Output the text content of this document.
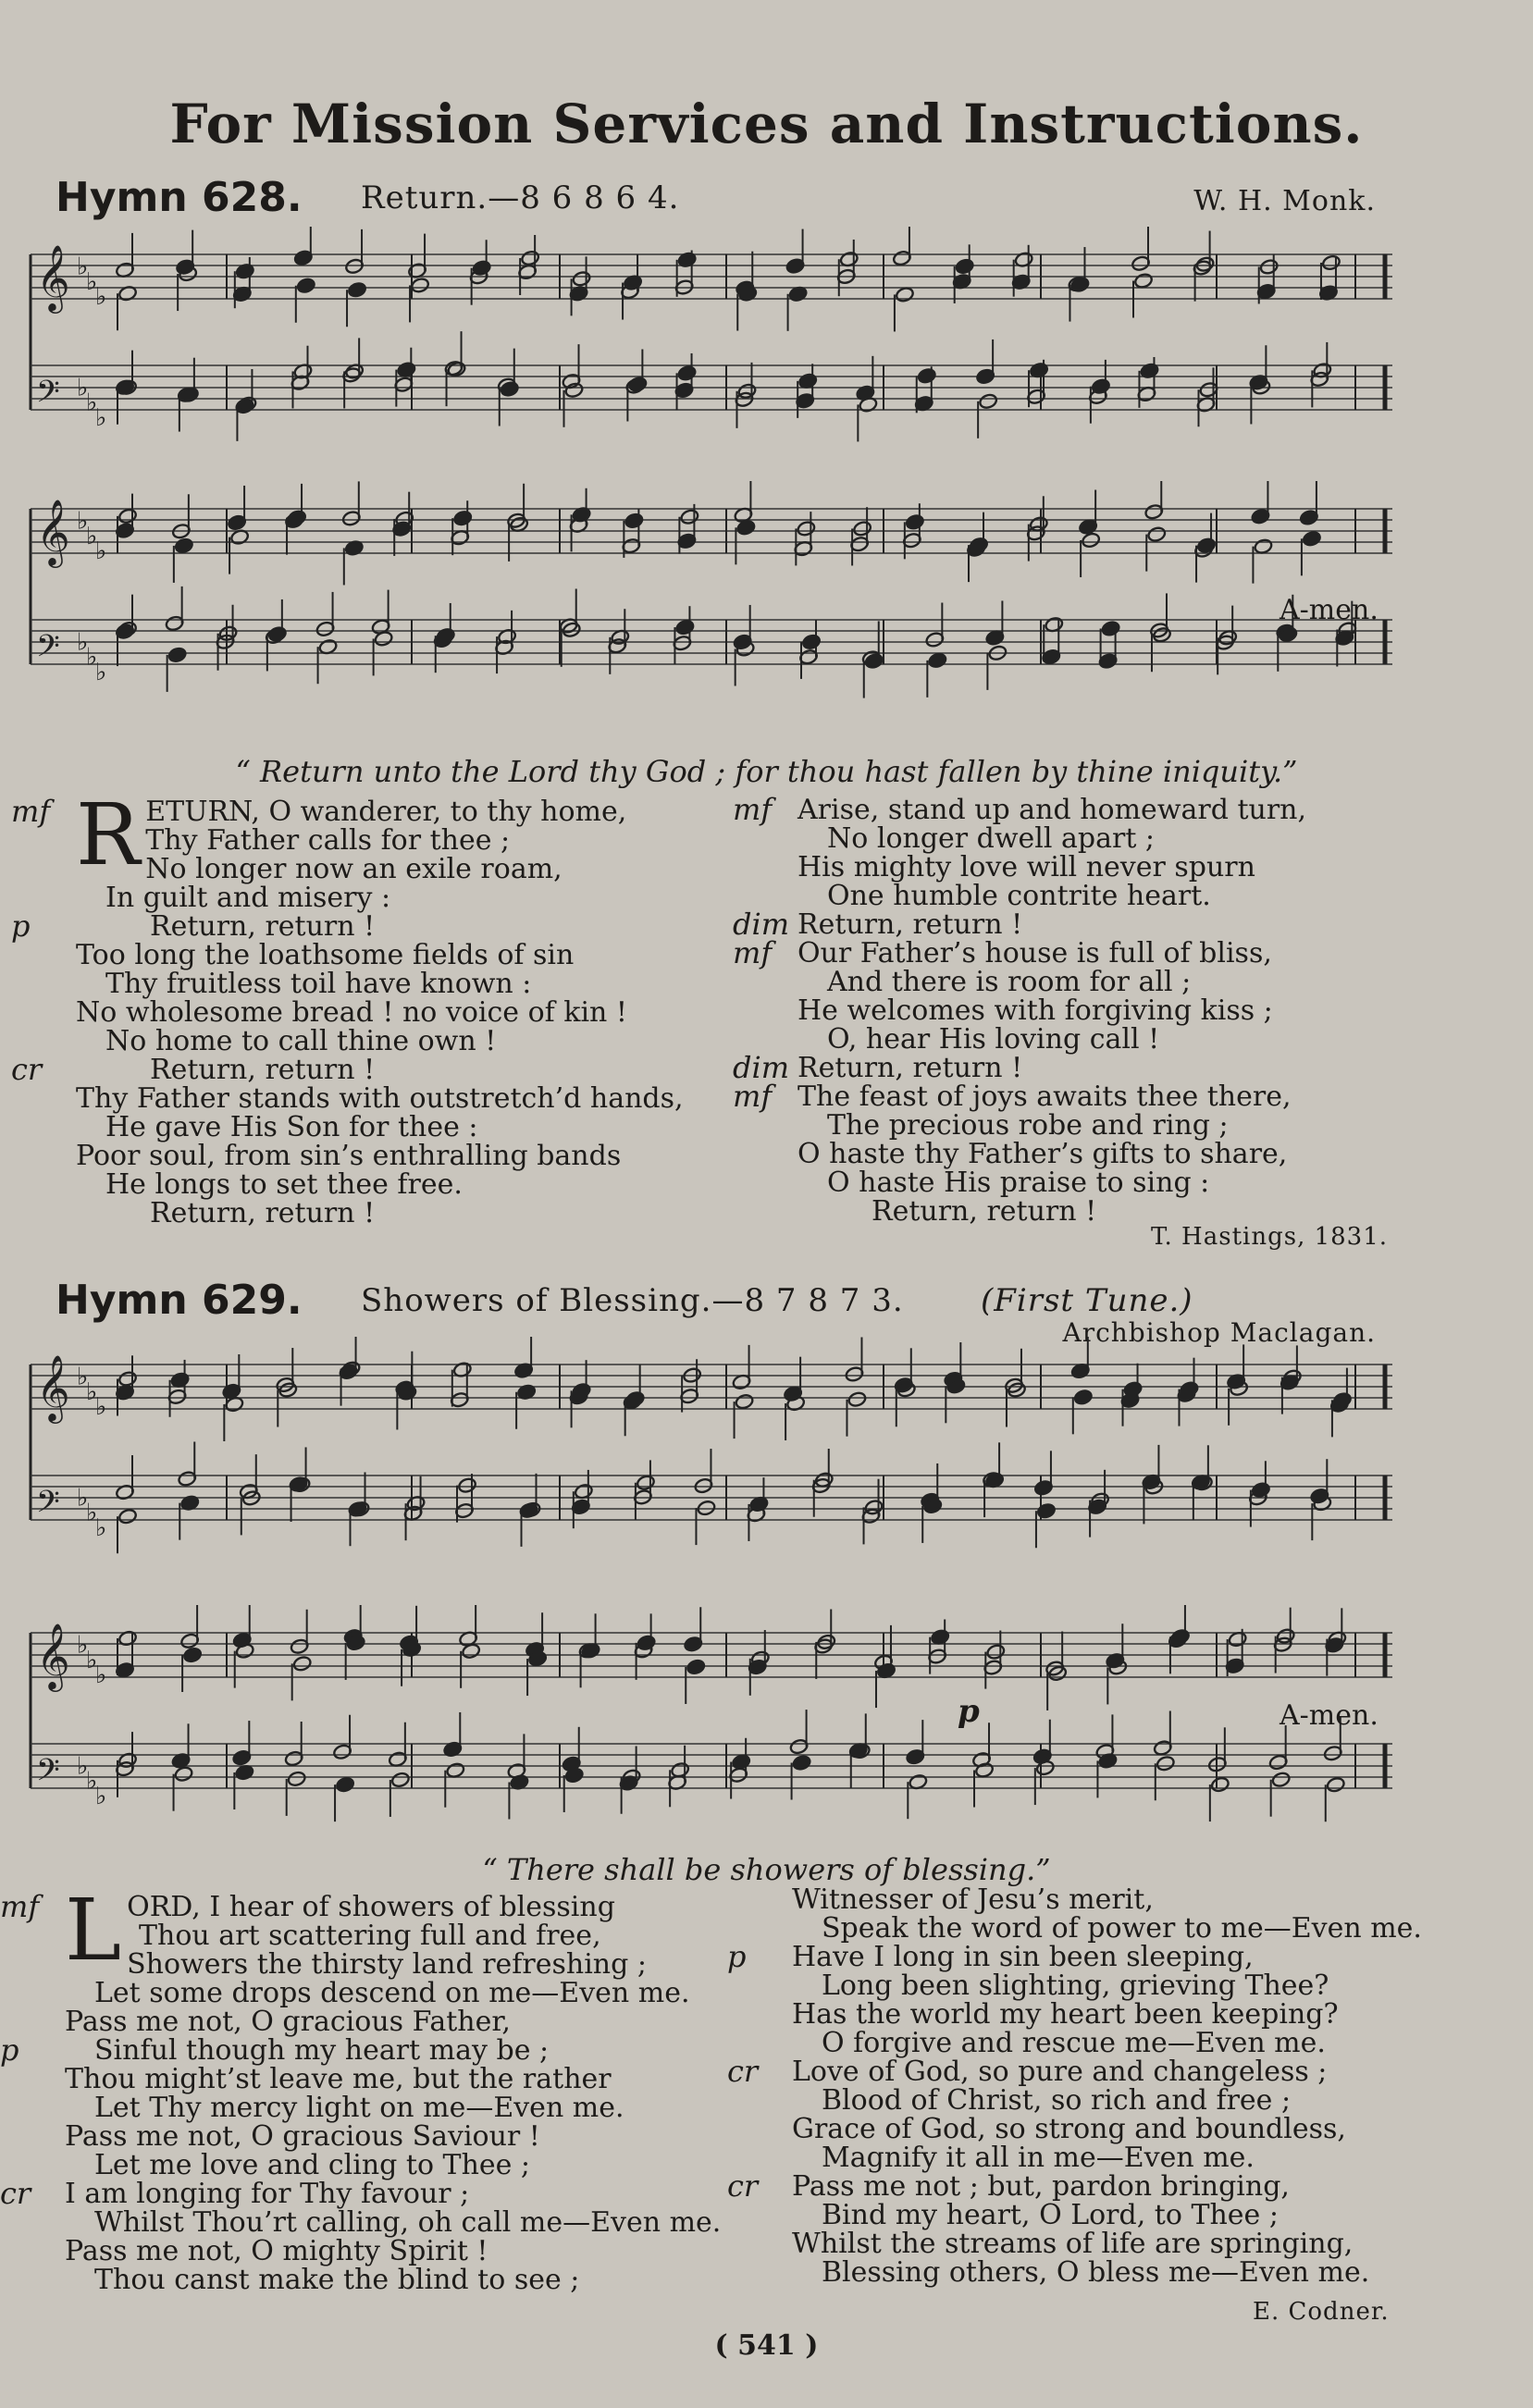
For Mission Services and Instructions.
Hymn 628. Return.—8 6 8 6 4.	W. H. Monk.
𝄞 ♭
♭
♭
𝄢 ♭
♭
♭
𝄞 ♭
♭
♭
𝄢 ♭
♭
♭
A-men.
“ Return unto the Lord thy God ; for thou hast fallen by thine iniquity.”
mf R ETURN, O wanderer, to thy home,
Thy Father calls for thee ;
No longer now an exile roam,
In guilt and misery :
p	Return, return !
Too long the loathsome fields of sin
Thy fruitless toil have known :
No wholesome bread ! no voice of kin !
No home to call thine own !
cr	Return, return !
Thy Father stands with outstretch’d hands,
He gave His Son for thee :
Poor soul, from sin’s enthralling bands
He longs to set thee free.
Return, return !
mf Arise, stand up and homeward turn,
No longer dwell apart ;
His mighty love will never spurn
One humble contrite heart.
dim Return, return !
mf Our Father’s house is full of bliss,
And there is room for all ;
He welcomes with forgiving kiss ;
O, hear His loving call !
dim Return, return !
mf The feast of joys awaits thee there,
The precious robe and ring ;
O haste thy Father’s gifts to share,
O haste His praise to sing :
Return, return !
T. Hastings, 1831.
Hymn 629. Showers of Blessing.—8 7 8 7 3. (First Tune.)
Archbishop Maclagan.
𝄞 ♭
♭
♭
𝄢 ♭
♭
♭
𝄞 ♭
♭
♭
𝄢 ♭
♭
♭
A-men.
p
“ There shall be showers of blessing.”
mf L ORD, I hear of showers of blessing
Thou art scattering full and free,
Showers the thirsty land refreshing ;
Let some drops descend on me—Even me.
Pass me not, O gracious Father,
p	Sinful though my heart may be ;
Thou might’st leave me, but the rather
Let Thy mercy light on me—Even me.
Pass me not, O gracious Saviour !
Let me love and cling to Thee ;
cr I am longing for Thy favour ;
Whilst Thou’rt calling, oh call me—Even me.
Pass me not, O mighty Spirit !
Thou canst make the blind to see ;
Witnesser of Jesu’s merit,
Speak the word of power to me—Even me.
p Have I long in sin been sleeping,
Long been slighting, grieving Thee?
Has the world my heart been keeping?
O forgive and rescue me—Even me.
cr Love of God, so pure and changeless ;
Blood of Christ, so rich and free ;
Grace of God, so strong and boundless,
Magnify it all in me—Even me.
cr Pass me not ; but, pardon bringing,
Bind my heart, O Lord, to Thee ;
Whilst the streams of life are springing,
Blessing others, O bless me—Even me.
E. Codner.
( 541 )
